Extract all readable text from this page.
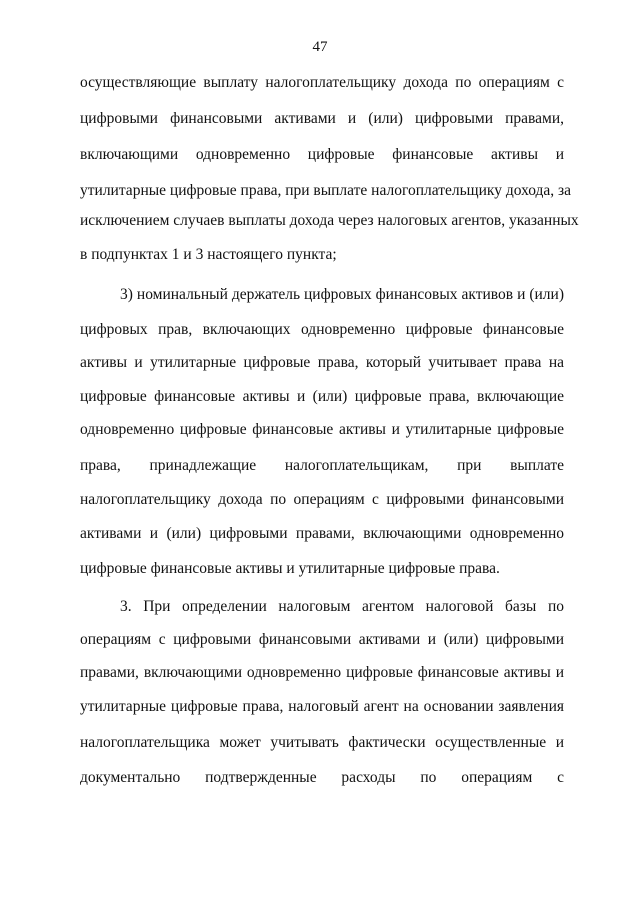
47
осуществляющие выплату налогоплательщику дохода по операциям с
цифровыми финансовыми активами и (или) цифровыми правами,
включающими одновременно цифровые финансовые активы и
утилитарные цифровые права, при выплате налогоплательщику дохода, за
исключением случаев выплаты дохода через налоговых агентов, указанных
в подпунктах 1 и 3 настоящего пункта;
3) номинальный держатель цифровых финансовых активов и (или)
цифровых прав, включающих одновременно цифровые финансовые
активы и утилитарные цифровые права, который учитывает права на
цифровые финансовые активы и (или) цифровые права, включающие
одновременно цифровые финансовые активы и утилитарные цифровые
права, принадлежащие налогоплательщикам, при выплате
налогоплательщику дохода по операциям с цифровыми финансовыми
активами и (или) цифровыми правами, включающими одновременно
цифровые финансовые активы и утилитарные цифровые права.
3. При определении налоговым агентом налоговой базы по
операциям с цифровыми финансовыми активами и (или) цифровыми
правами, включающими одновременно цифровые финансовые активы и
утилитарные цифровые права, налоговый агент на основании заявления
налогоплательщика может учитывать фактически осуществленные и
документально подтвержденные расходы по операциям с
